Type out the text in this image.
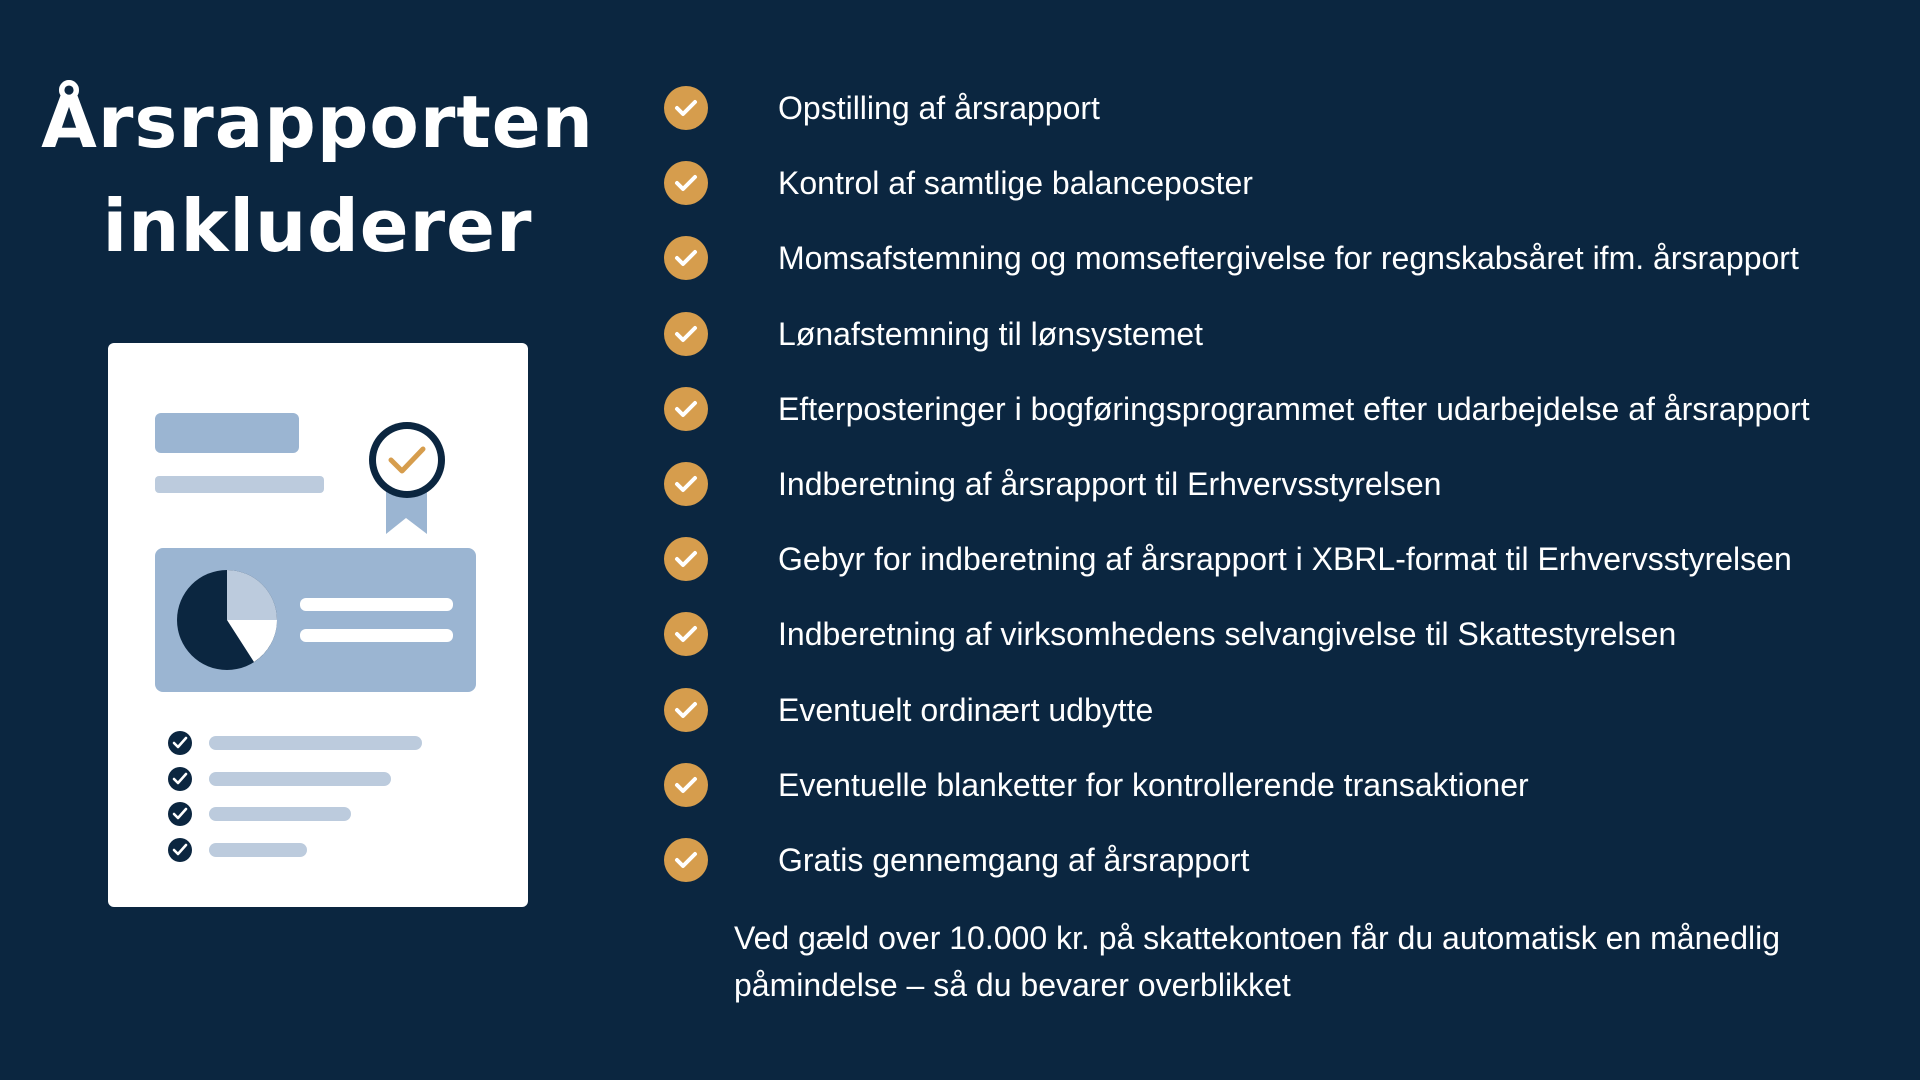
Årsrapporten
inkluderer
Opstilling af årsrapport
Kontrol af samtlige balanceposter
Momsafstemning og momseftergivelse for regnskabsåret ifm. årsrapport
Lønafstemning til lønsystemet
Efterposteringer i bogføringsprogrammet efter udarbejdelse af årsrapport
Indberetning af årsrapport til Erhvervsstyrelsen
Gebyr for indberetning af årsrapport i XBRL-format til Erhvervsstyrelsen
Indberetning af virksomhedens selvangivelse til Skattestyrelsen
Eventuelt ordinært udbytte
Eventuelle blanketter for kontrollerende transaktioner
Gratis gennemgang af årsrapport

Ved gæld over 10.000 kr. på skattekontoen får du automatisk en månedlig påmindelse – så du bevarer overblikket
